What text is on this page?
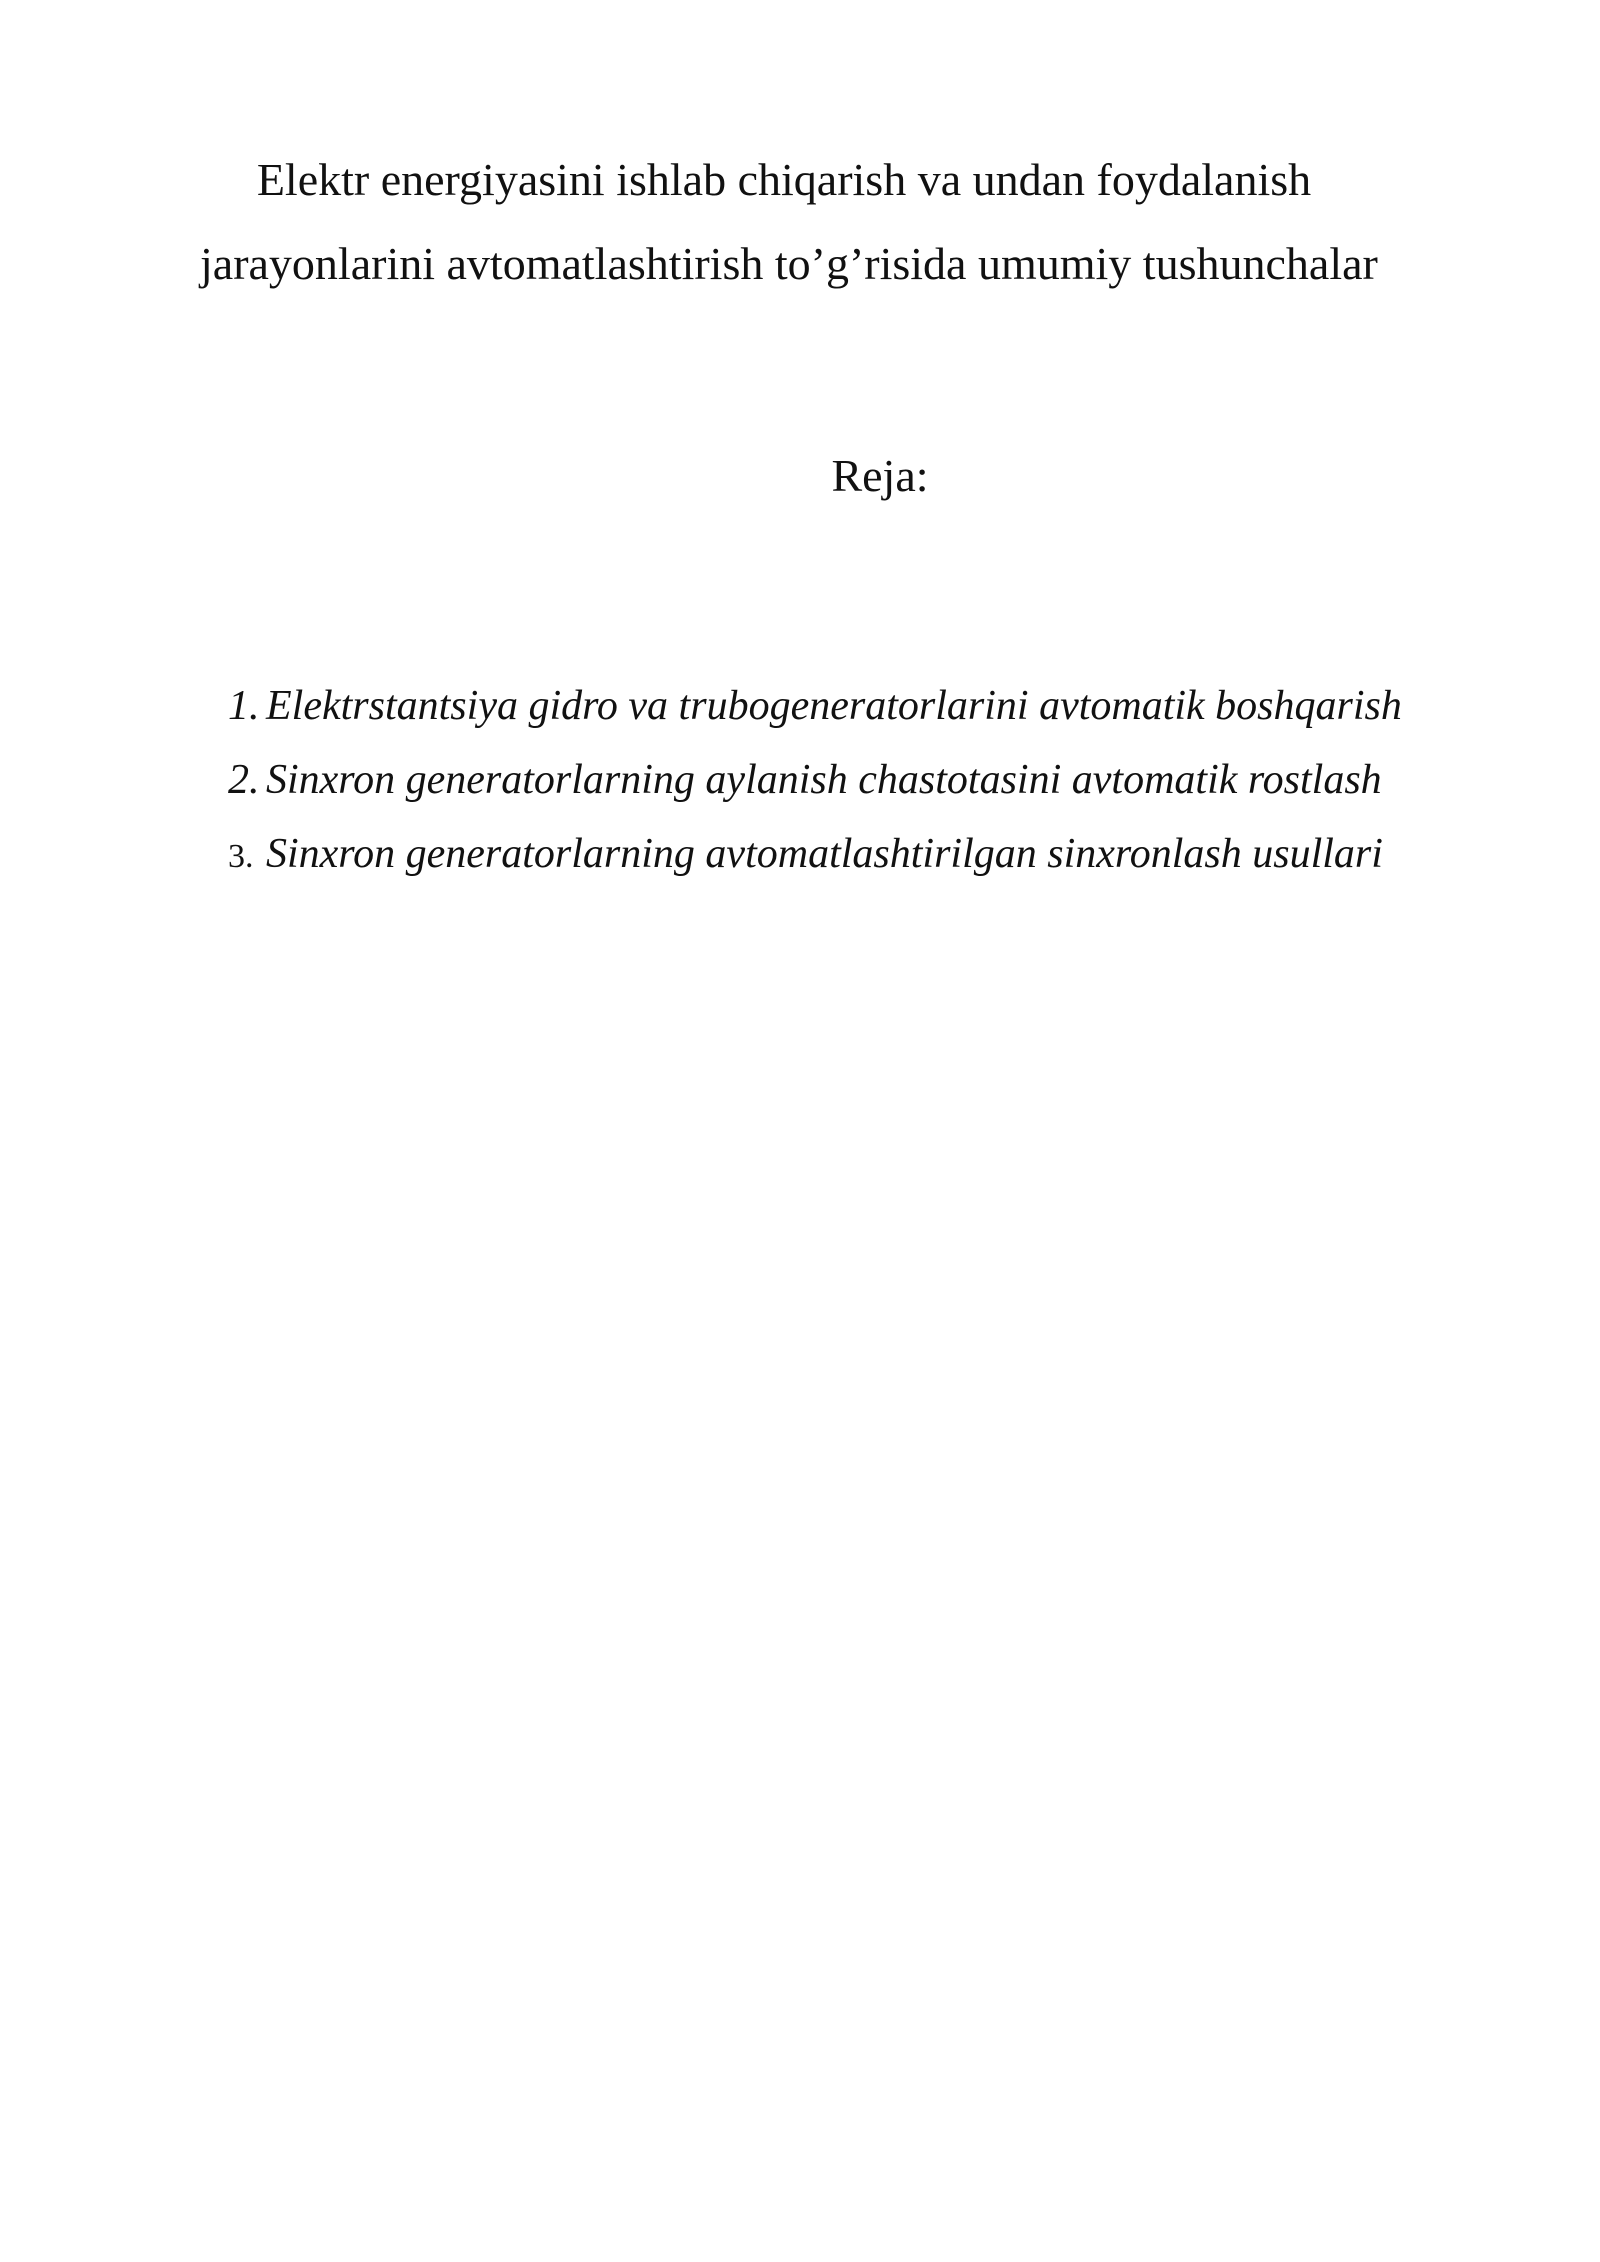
Elektr energiyasini ishlab chiqarish va undan foydalanish
jarayonlarini avtomatlashtirish to’g’risida umumiy tushunchalar
Reja:
1. Elektrstantsiya gidro va trubogeneratorlarini avtomatik boshqarish
2. Sinxron generatorlarning aylanish chastotasini avtomatik rostlash
3. Sinxron generatorlarning avtomatlashtirilgan sinxronlash usullari
